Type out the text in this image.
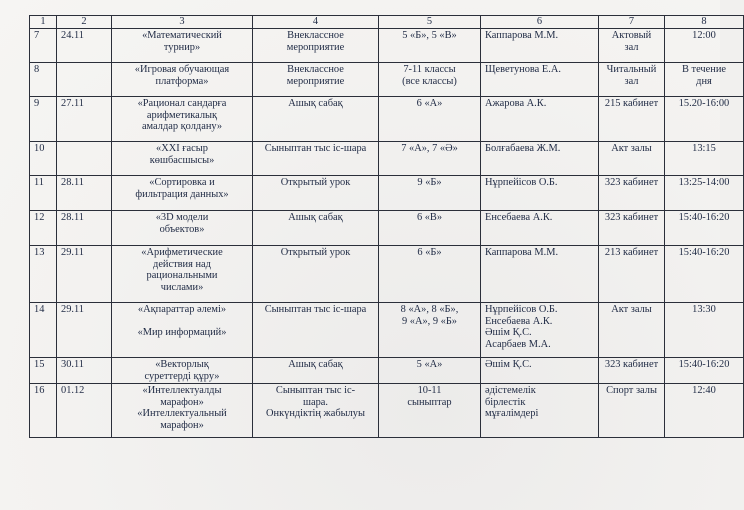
1	2	3	4	5	6	7	8
7	24.11	«Математический
турнир»	Внеклассное
мероприятие	5 «Б», 5 «В»	Каппарова М.М.	Актовый
зал	12:00

8		«Игровая обучающая
платформа»	Внеклассное
мероприятие	7-11 классы
(все классы)	Щеветунова Е.А.	Читальный
зал	В течение
дня

9	27.11	«Рационал сандарға
арифметикалық
амалдар қолдану»	Ашық сабақ	6 «А»	Ажарова А.К.	215 кабинет	15.20-16:00

10		«XXI ғасыр
көшбасшысы»	Сыныптан тыс іс-шара	7 «А», 7 «Ә»	Болғабаева Ж.М.	Акт залы	13:15

11	28.11	«Сортировка и
фильтрация данных»	Открытый урок	9 «Б»	Нұрпейісов О.Б.	323 кабинет	13:25-14:00

12	28.11	«3D модели
объектов»	Ашық сабақ	6 «В»	Енсебаева А.К.	323 кабинет	15:40-16:20

13	29.11	«Арифметические
действия над
рациональными
числами»	Открытый урок	6 «Б»	Каппарова М.М.	213 кабинет	15:40-16:20

14	29.11	«Ақпараттар әлемі»
«Мир информаций»	Сыныптан тыс іс-шара	8 «А», 8 «Б»,
9 «А», 9 «Б»	Нұрпейісов О.Б.
Енсебаева А.К.
Әшім Қ.С.
Асарбаев М.А.	Акт залы	13:30

15	30.11	«Векторлық
суреттерді құру»	Ашық сабақ	5 «А»	Әшім Қ.С.	323 кабинет	15:40-16:20

16	01.12	«Интеллектуалды
марафон»
«Интеллектуальный
марафон»	Сыныптан тыс іс-
шара.
Онкүндіктің жабылуы	10-11
сыныптар	әдістемелік
бірлестік
мұғалімдері	Спорт залы	12:40
